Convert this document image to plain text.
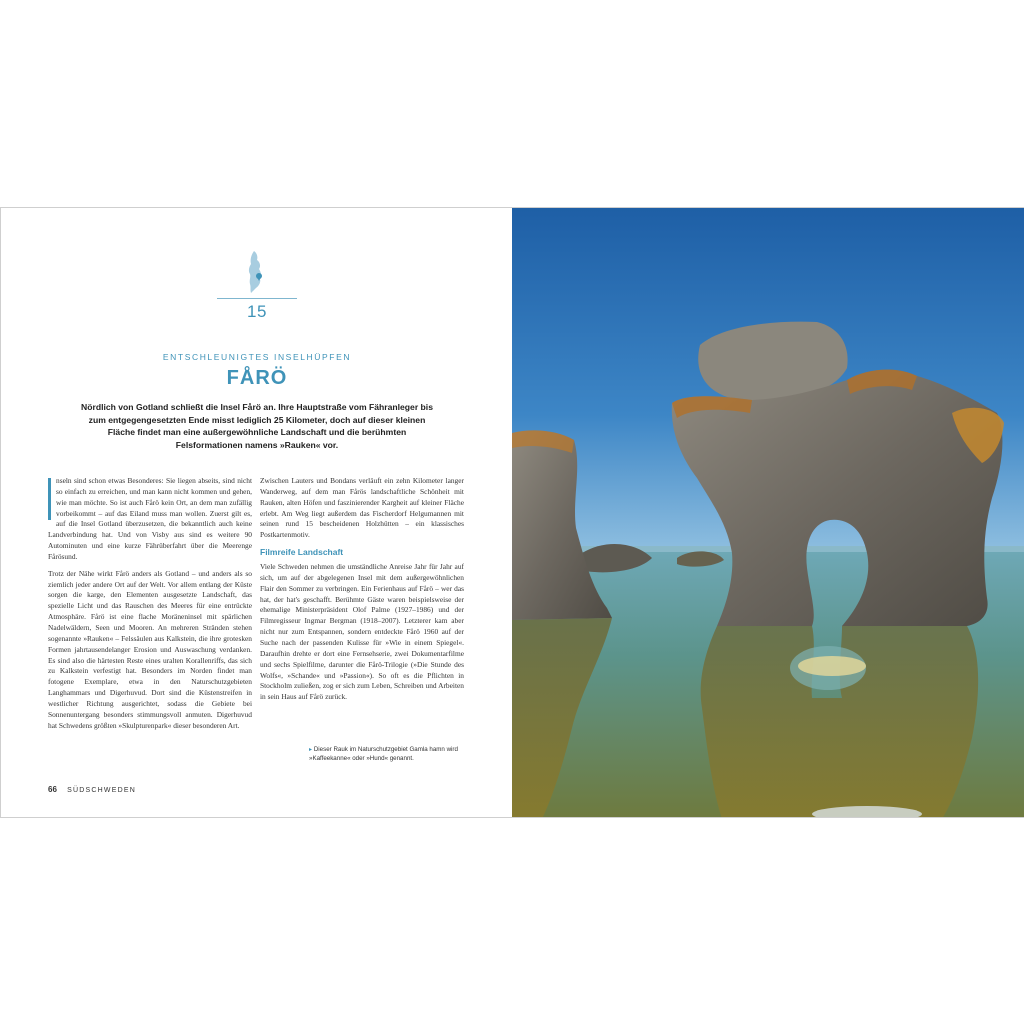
15
ENTSCHLEUNIGTES INSELHÜPFEN
FÅRÖ

Nördlich von Gotland schließt die Insel Fårö an. Ihre Hauptstraße vom Fähranleger bis zum entgegengesetzten Ende misst lediglich 25 Kilometer, doch auf dieser kleinen Fläche findet man eine außergewöhnliche Landschaft und die berühmten Felsformationen namens »Rauken« vor.

nseln sind schon etwas Besonderes: Sie liegen abseits, sind nicht so einfach zu erreichen, und man kann nicht kommen und gehen, wie man möchte. So ist auch Fårö kein Ort, an dem man zufällig vorbeikommt – auf das Eiland muss man wollen. Zuerst gilt es, auf die Insel Gotland überzusetzen, die bekanntlich auch keine Landverbindung hat. Und von Visby aus sind es weitere 90 Autominuten und eine kurze Fährüberfahrt über die Meerenge Fårösund.

Trotz der Nähe wirkt Fårö anders als Gotland – und anders als so ziemlich jeder andere Ort auf der Welt. Vor allem entlang der Küste sorgen die karge, den Elementen ausgesetzte Landschaft, das spezielle Licht und das Rauschen des Meeres für eine entrückte Atmosphäre. Fårö ist eine flache Moräneninsel mit spärlichen Nadelwäldern, Seen und Mooren. An mehreren Stränden stehen sogenannte »Rauken« – Felssäulen aus Kalkstein, die ihre grotesken Formen jahrtausendelanger Erosion und Auswaschung verdanken. Es sind also die härtesten Reste eines uralten Korallenriffs, das sich zu Kalkstein verfestigt hat. Besonders im Norden findet man fotogene Exemplare, etwa in den Naturschutzgebieten Langhammars und Digerhuvud. Dort sind die Küstenstreifen in westlicher Richtung ausgerichtet, sodass die Gebiete bei Sonnenuntergang besonders stimmungsvoll anmuten. Digerhuvud hat Schwedens größten »Skulpturenpark« dieser besonderen Art.

Zwischen Lauters und Bondans verläuft ein zehn Kilometer langer Wanderweg, auf dem man Fårös landschaftliche Schönheit mit Rauken, alten Höfen und faszinierender Kargheit auf kleiner Fläche erlebt. Am Weg liegt außerdem das Fischerdorf Helgumannen mit seinen rund 15 bescheidenen Holzhütten – ein klassisches Postkartenmotiv.

Filmreife Landschaft

Viele Schweden nehmen die umständliche Anreise Jahr für Jahr auf sich, um auf der abgelegenen Insel mit dem außergewöhnlichen Flair den Sommer zu verbringen. Ein Ferienhaus auf Fårö – wer das hat, der hat's geschafft. Berühmte Gäste waren beispielsweise der ehemalige Ministerpräsident Olof Palme (1927–1986) und der Filmregisseur Ingmar Bergman (1918–2007). Letzterer kam aber nicht nur zum Entspannen, sondern entdeckte Fårö 1960 auf der Suche nach der passenden Kulisse für »Wie in einem Spiegel«. Daraufhin drehte er dort eine Fernsehserie, zwei Dokumentarfilme und sechs Spielfilme, darunter die Fårö-Trilogie (»Die Stunde des Wolfs«, »Schande« und »Passion«). So oft es die Pflichten in Stockholm zuließen, zog er sich zum Leben, Schreiben und Arbeiten in sein Haus auf Fårö zurück.

▸ Dieser Rauk im Naturschutzgebiet Gamla hamn wird »Kaffeekanne« oder »Hund« genannt.
66 SÜDSCHWEDEN
